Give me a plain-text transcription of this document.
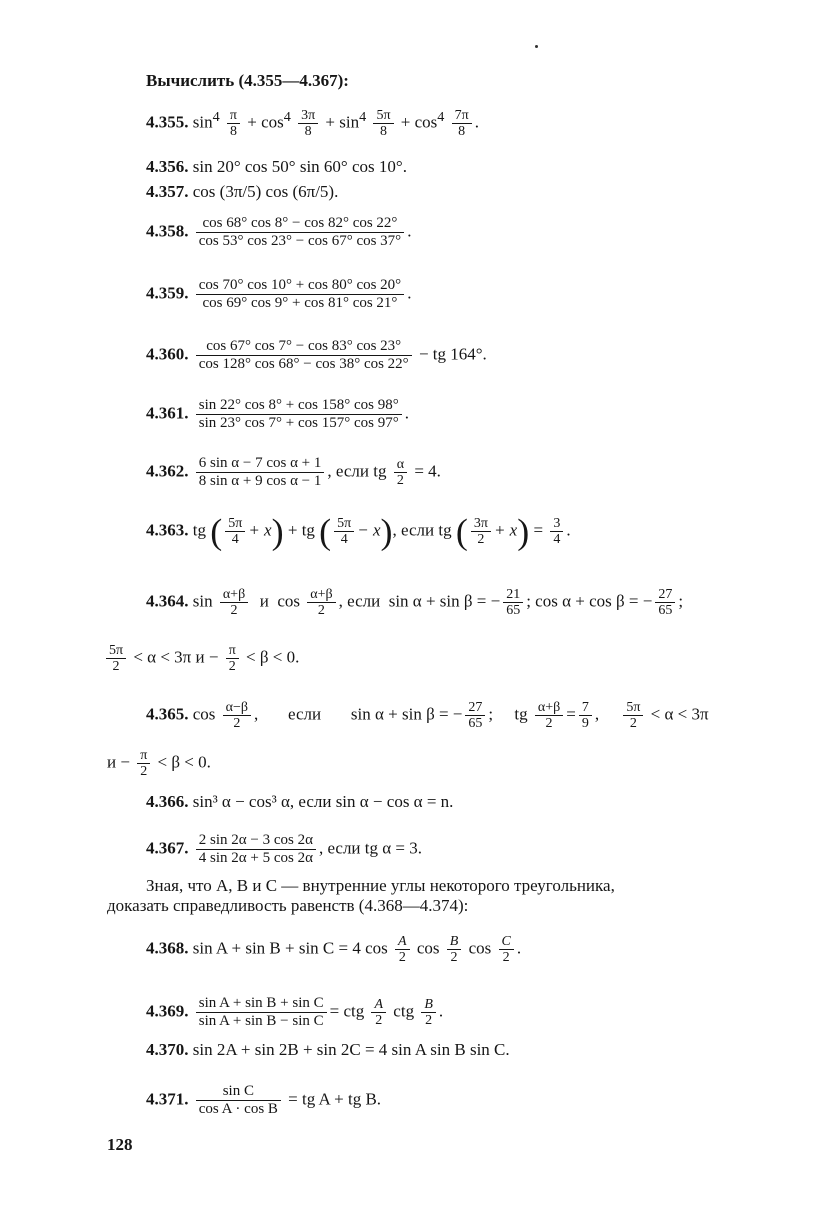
Вычислить (4.355—4.367):
4.355. $\sin^4 \frac{\pi}{8} + \cos^4 \frac{3\pi}{8} + \sin^4 \frac{5\pi}{8} + \cos^4 \frac{7\pi}{8}$ .
4.356. sin 20° cos 50° sin 60° cos 10°.
4.357. cos (3π/5) cos (6π/5).
4.358. $\frac{\cos 68^\circ \cos 8^\circ - \cos 82^\circ \cos 22^\circ}{\cos 53^\circ \cos 23^\circ - \cos 67^\circ \cos 37^\circ}$ .
4.359. $\frac{\cos 70^\circ \cos 10^\circ + \cos 80^\circ \cos 20^\circ}{\cos 69^\circ \cos 9^\circ + \cos 81^\circ \cos 21^\circ}$ .
4.360. $\frac{\cos 67^\circ \cos 7^\circ - \cos 83^\circ \cos 23^\circ}{\cos 128^\circ \cos 68^\circ - \cos 38^\circ \cos 22^\circ}$ − tg 164°.
4.361. $\frac{\sin 22^\circ \cos 8^\circ + \cos 158^\circ \cos 98^\circ}{\sin 23^\circ \cos 7^\circ + \cos 157^\circ \cos 97^\circ}$ .
4.362. $\frac{\text{6 sin α − 7 cos α + 1}}{\text{8 sin α + 9 cos α − 1}}$ , если tg $\frac{\alpha}{2} = 4$.
4.363. tg ( $\frac{5\pi}{4} + x$) + tg ( $\frac{5\pi}{4} - x$), если tg ( $\frac{3\pi}{2} + x) = \frac{3}{4}$ .
4.364. $\sin \frac{\alpha+\beta}{2}$ и $\cos \frac{\alpha+\beta}{2}$ , если sin α + sin β = − $\frac{21}{65}$ ; cos α + cos β = − $\frac{27}{65}$ ;
$\frac{5\pi}{2} < \alpha < 3\pi$ $и - \frac{\pi}{2} < \beta < 0$.
4.365. $\cos \frac{\alpha-\beta}{2}$ ,       если sin α + sin β = − $\frac{27}{65}$ ;     tg $\frac{\alpha+\beta}{2} = \frac{7}{9}$ , $\frac{5\pi}{2} < \alpha < 3\pi$
$и - \frac{\pi}{2} < \beta < 0$.
4.366. sin³ α − cos³ α, если sin α − cos α = n.
4.367. $\frac{2 \sin 2\alpha - 3 \cos 2\alpha}{4 \sin 2\alpha + 5 \cos 2\alpha}$ , если tg α = 3.
Зная, что A, B и C — внутренние углы некоторого треугольника,
доказать справедливость равенств (4.368—4.374):
4.368. sin A + sin B + sin C = 4 $\cos \frac{A}{2}$ $\cos \frac{B}{2}$ $\cos \frac{C}{2}$ .
4.369. $\frac{\text{sin A + sin B + sin C}}{\text{sin A + sin B − sin C}}$ = ctg $\frac{A}{2}$ ctg $\frac{B}{2}$ .
4.370. sin 2A + sin 2B + sin 2C = 4 sin A sin B sin C.
4.371. $\frac{\text{sin C}}{\text{cos A · cos B}}$ = tg A + tg B.
128
